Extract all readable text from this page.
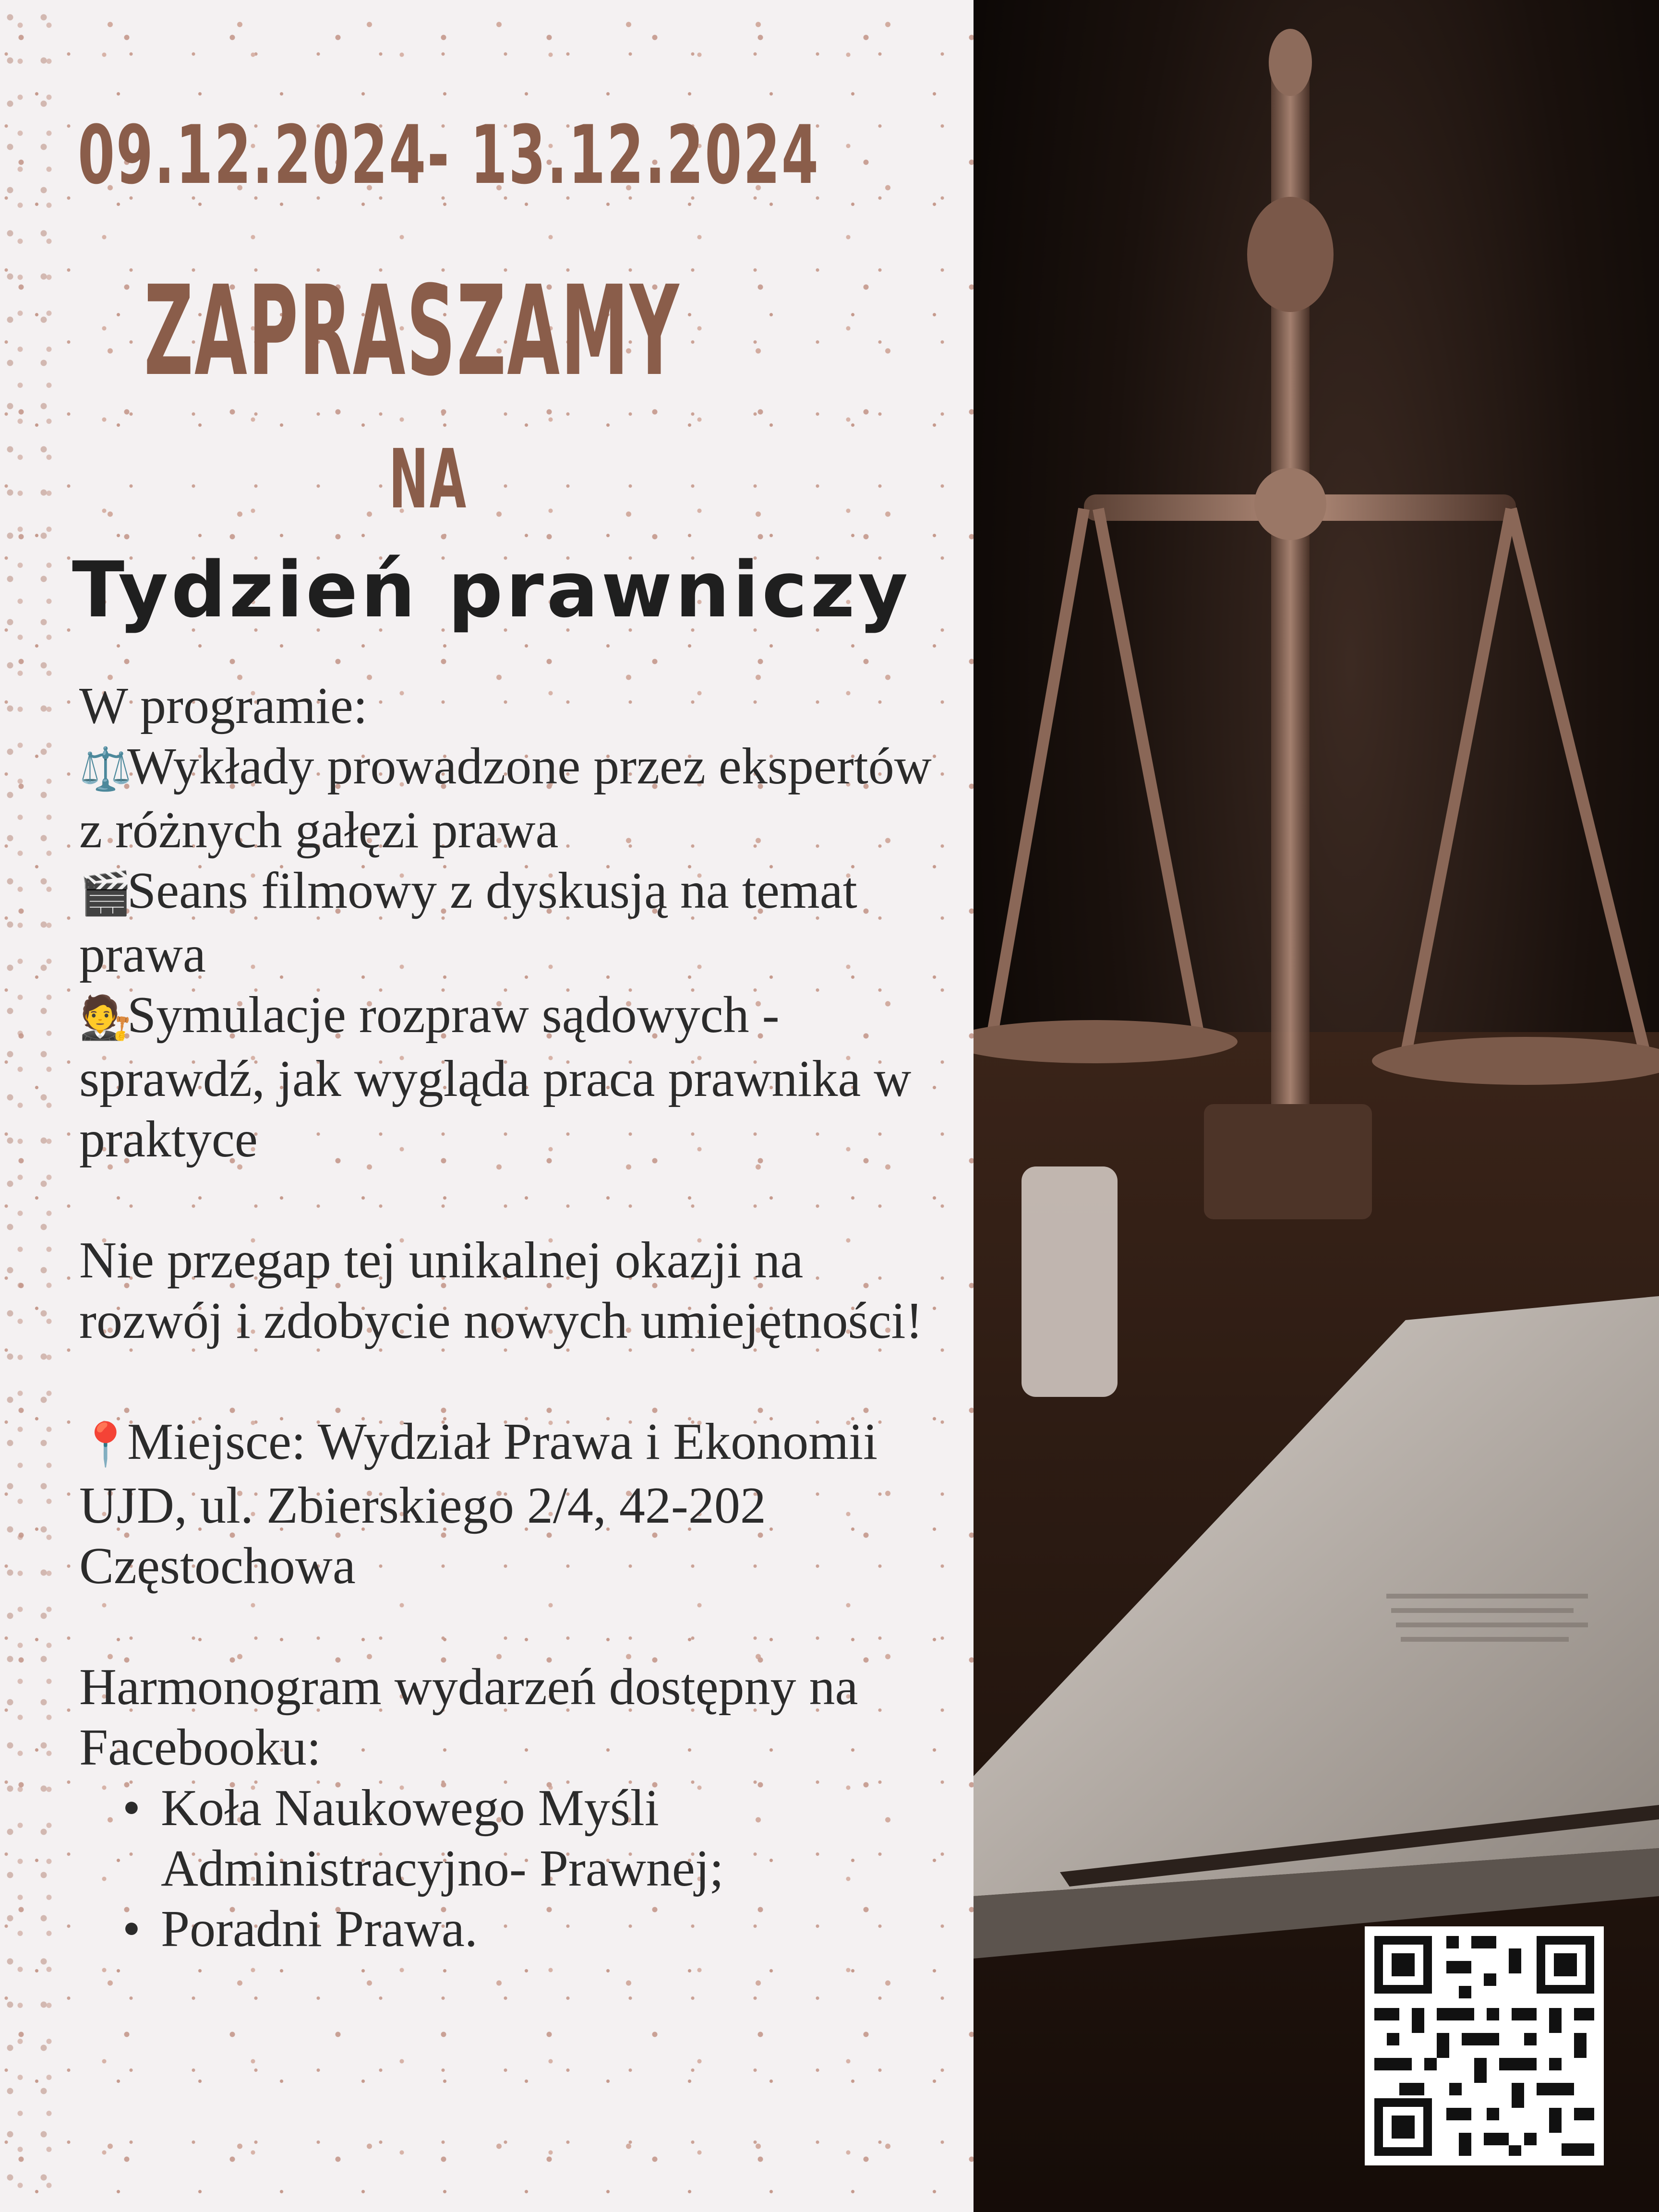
09.12.2024- 13.12.2024
ZAPRASZAMY
NA
Tydzień prawniczy

W programie:

⚖️Wykłady prowadzone przez ekspertów z różnych gałęzi prawa

🎬Seans filmowy z dyskusją na temat prawa

🧑‍⚖️Symulacje rozpraw sądowych - sprawdź, jak wygląda praca prawnika w praktyce

Nie przegap tej unikalnej okazji na rozwój i zdobycie nowych umiejętności!

📍Miejsce: Wydział Prawa i Ekonomii UJD, ul. Zbierskiego 2/4, 42-202 Częstochowa

Harmonogram wydarzeń dostępny na Facebooku:

• Koła Naukowego Myśli Administracyjno- Prawnej;
• Poradni Prawa.
